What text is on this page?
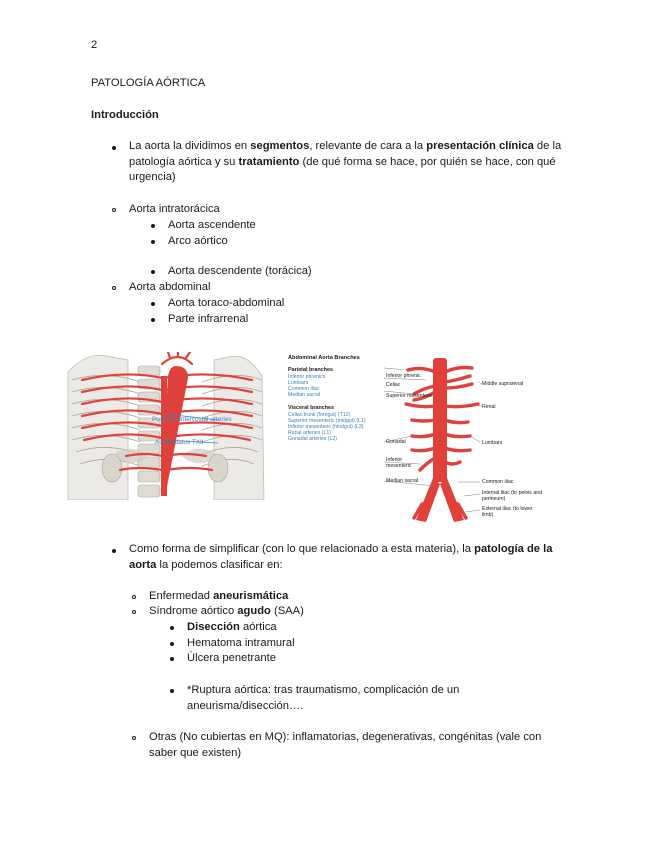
2
PATOLOGÍA AÓRTICA
Introducción
La aorta la dividimos en segmentos, relevante de cara a la presentación clínica de la patología aórtica y su tratamiento (de qué forma se hace, por quién se hace, con qué urgencia)
Aorta intratorácica
Aorta ascendente
Arco aórtico
Aorta descendente (torácica)
Aorta abdominal
Aorta toraco-abdominal
Parte infrarrenal
Posterior intercostal arteries
Aortic hiatus TXII
Abdominal Aorta Branches
Parietal branches
Inferior phrenics
Lumbars
Common iliac
Median sacral
Visceral branches
Celiac trunk (foregut) (T12)
Superior mesenteric (midgut) (L1)
Inferior mesenteric (hindgut) (L3)
Renal arteries (L1)
Gonadal arteries (L2)
Inferior phrenic
Celiac
Superior mesenteric
Gonadal
Inferior mesenteric
Median sacral
Middle suprarenal
Renal
Lumbars
Common iliac
Internal iliac (to pelvis and perineum)
External iliac (to lower limb)
Como forma de simplificar (con lo que relacionado a esta materia), la patología de la aorta la podemos clasificar en:
Enfermedad aneurismática
Síndrome aórtico agudo (SAA)
Disección aórtica
Hematoma intramural
Úlcera penetrante
*Ruptura aórtica: tras traumatismo, complicación de un aneurisma/disección….
Otras (No cubiertas en MQ): inflamatorias, degenerativas, congénitas (vale con saber que existen)
